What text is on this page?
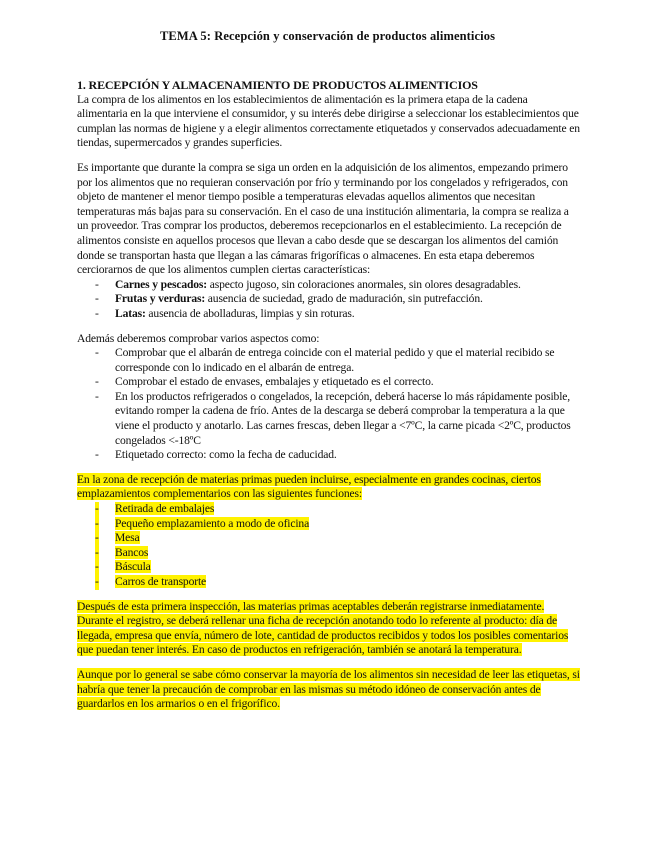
TEMA 5: Recepción y conservación de productos alimenticios
1. RECEPCIÓN Y ALMACENAMIENTO DE PRODUCTOS ALIMENTICIOS

La compra de los alimentos en los establecimientos de alimentación es la primera etapa de la cadena alimentaria en la que interviene el consumidor, y su interés debe dirigirse a seleccionar los establecimientos que cumplan las normas de higiene y a elegir alimentos correctamente etiquetados y conservados adecuadamente en tiendas, supermercados y grandes superficies.

Es importante que durante la compra se siga un orden en la adquisición de los alimentos, empezando primero por los alimentos que no requieran conservación por frío y terminando por los congelados y refrigerados, con objeto de mantener el menor tiempo posible a temperaturas elevadas aquellos alimentos que necesitan temperaturas más bajas para su conservación. En el caso de una institución alimentaria, la compra se realiza a un proveedor. Tras comprar los productos, deberemos recepcionarlos en el establecimiento. La recepción de alimentos consiste en aquellos procesos que llevan a cabo desde que se descargan los alimentos del camión donde se transportan hasta que llegan a las cámaras frigoríficas o almacenes. En esta etapa deberemos cerciorarnos de que los alimentos cumplen ciertas características:

- Carnes y pescados: aspecto jugoso, sin coloraciones anormales, sin olores desagradables.
- Frutas y verduras: ausencia de suciedad, grado de maduración, sin putrefacción.
- Latas: ausencia de abolladuras, limpias y sin roturas.

Además deberemos comprobar varios aspectos como:

- Comprobar que el albarán de entrega coincide con el material pedido y que el material recibido se corresponde con lo indicado en el albarán de entrega.
- Comprobar el estado de envases, embalajes y etiquetado es el correcto.
- En los productos refrigerados o congelados, la recepción, deberá hacerse lo más rápidamente posible, evitando romper la cadena de frío. Antes de la descarga se deberá comprobar la temperatura a la que viene el producto y anotarlo. Las carnes frescas, deben llegar a <7ºC, la carne picada <2ºC, productos congelados <-18ºC
- Etiquetado correcto: como la fecha de caducidad.

En la zona de recepción de materias primas pueden incluirse, especialmente en grandes cocinas, ciertos emplazamientos complementarios con las siguientes funciones:

- Retirada de embalajes
- Pequeño emplazamiento a modo de oficina
- Mesa
- Bancos
- Báscula
- Carros de transporte

Después de esta primera inspección, las materias primas aceptables deberán registrarse inmediatamente. Durante el registro, se deberá rellenar una ficha de recepción anotando todo lo referente al producto: día de llegada, empresa que envía, número de lote, cantidad de productos recibidos y todos los posibles comentarios que puedan tener interés. En caso de productos en refrigeración, también se anotará la temperatura.

Aunque por lo general se sabe cómo conservar la mayoría de los alimentos sin necesidad de leer las etiquetas, si habría que tener la precaución de comprobar en las mismas su método idóneo de conservación antes de guardarlos en los armarios o en el frigorífico.
